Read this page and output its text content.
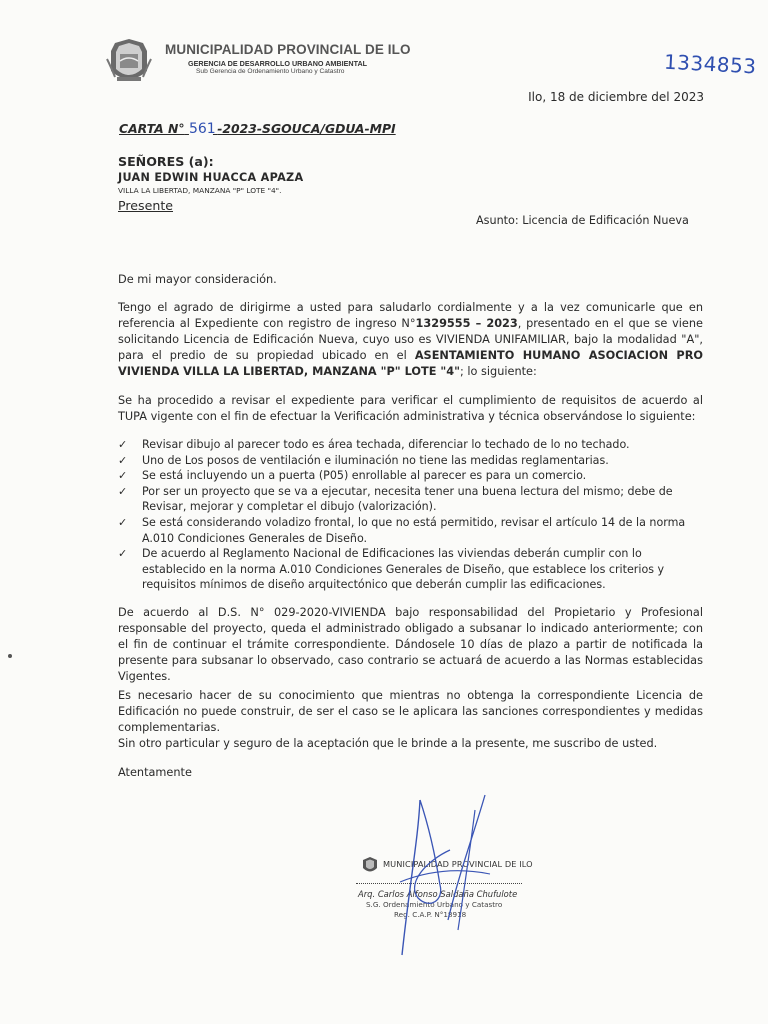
MUNICIPALIDAD PROVINCIAL DE ILO
GERENCIA DE DESARROLLO URBANO AMBIENTAL
Sub Gerencia de Ordenamiento Urbano y Catastro	1334853
Ilo, 18 de diciembre del 2023
CARTA N° 561 -2023-SGOUCA/GDUA-MPI
SEÑORES (a):
JUAN EDWIN HUACCA APAZA
VILLA LA LIBERTAD, MANZANA "P" LOTE "4".
Presente
Asunto: Licencia de Edificación Nueva
De mi mayor consideración.
Tengo el agrado de dirigirme a usted para saludarlo cordialmente y a la vez comunicarle que en referencia al Expediente con registro de ingreso N°1329555 – 2023, presentado en el que se viene solicitando Licencia de Edificación Nueva, cuyo uso es VIVIENDA UNIFAMILIAR, bajo la modalidad "A", para el predio de su propiedad ubicado en el ASENTAMIENTO HUMANO ASOCIACION PRO VIVIENDA VILLA LA LIBERTAD, MANZANA "P" LOTE "4"; lo siguiente:
Se ha procedido a revisar el expediente para verificar el cumplimiento de requisitos de acuerdo al TUPA vigente con el fin de efectuar la Verificación administrativa y técnica observándose lo siguiente:
✓ Revisar dibujo al parecer todo es área techada, diferenciar lo techado de lo no techado.
✓ Uno de Los posos de ventilación e iluminación no tiene las medidas reglamentarias.
✓ Se está incluyendo un a puerta (P05) enrollable al parecer es para un comercio.
✓ Por ser un proyecto que se va a ejecutar, necesita tener una buena lectura del mismo; debe de Revisar, mejorar y completar el dibujo (valorización).
✓ Se está considerando voladizo frontal, lo que no está permitido, revisar el artículo 14 de la norma A.010 Condiciones Generales de Diseño.
✓ De acuerdo al Reglamento Nacional de Edificaciones las viviendas deberán cumplir con lo establecido en la norma A.010 Condiciones Generales de Diseño, que establece los criterios y requisitos mínimos de diseño arquitectónico que deberán cumplir las edificaciones.
De acuerdo al D.S. N° 029-2020-VIVIENDA bajo responsabilidad del Propietario y Profesional responsable del proyecto, queda el administrado obligado a subsanar lo indicado anteriormente; con el fin de continuar el trámite correspondiente. Dándosele 10 días de plazo a partir de notificada la presente para subsanar lo observado, caso contrario se actuará de acuerdo a las Normas establecidas Vigentes.
Es necesario hacer de su conocimiento que mientras no obtenga la correspondiente Licencia de Edificación no puede construir, de ser el caso se le aplicara las sanciones correspondientes y medidas complementarias.
Sin otro particular y seguro de la aceptación que le brinde a la presente, me suscribo de usted.
Atentamente
MUNICIPALIDAD PROVINCIAL DE ILO
Arq. Carlos Alfonso Saldaña Chufulote
S.G. Ordenamiento Urbano y Catastro
Reg. C.A.P. N°18918
